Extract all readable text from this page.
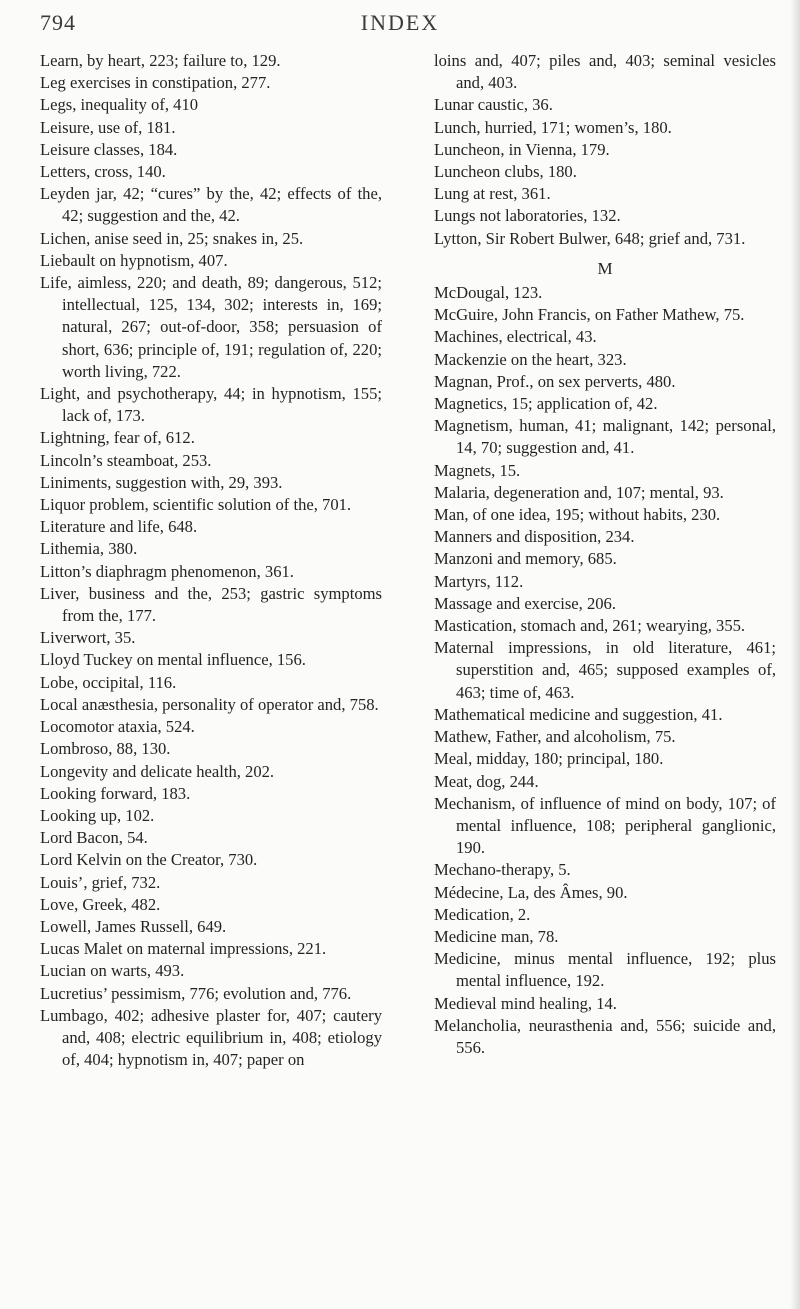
794	INDEX

Learn, by heart, 223; failure to, 129.

Leg exercises in constipation, 277.

Legs, inequality of, 410

Leisure, use of, 181.

Leisure classes, 184.

Letters, cross, 140.

Leyden jar, 42; “cures” by the, 42; effects of the, 42; suggestion and the, 42.

Lichen, anise seed in, 25; snakes in, 25.

Liebault on hypnotism, 407.

Life, aimless, 220; and death, 89; dangerous, 512; intellectual, 125, 134, 302; interests in, 169; natural, 267; out-of-door, 358; persuasion of short, 636; principle of, 191; regulation of, 220; worth living, 722.

Light, and psychotherapy, 44; in hypnotism, 155; lack of, 173.

Lightning, fear of, 612.

Lincoln’s steamboat, 253.

Liniments, suggestion with, 29, 393.

Liquor problem, scientific solution of the, 701.

Literature and life, 648.

Lithemia, 380.

Litton’s diaphragm phenomenon, 361.

Liver, business and the, 253; gastric symptoms from the, 177.

Liverwort, 35.

Lloyd Tuckey on mental influence, 156.

Lobe, occipital, 116.

Local anæsthesia, personality of operator and, 758.

Locomotor ataxia, 524.

Lombroso, 88, 130.

Longevity and delicate health, 202.

Looking forward, 183.

Looking up, 102.

Lord Bacon, 54.

Lord Kelvin on the Creator, 730.

Louis’, grief, 732.

Love, Greek, 482.

Lowell, James Russell, 649.

Lucas Malet on maternal impressions, 221.

Lucian on warts, 493.

Lucretius’ pessimism, 776; evolution and, 776.

Lumbago, 402; adhesive plaster for, 407; cautery and, 408; electric equilibrium in, 408; etiology of, 404; hypnotism in, 407; paper on

loins and, 407; piles and, 403; seminal vesicles and, 403.

Lunar caustic, 36.

Lunch, hurried, 171; women’s, 180.

Luncheon, in Vienna, 179.

Luncheon clubs, 180.

Lung at rest, 361.

Lungs not laboratories, 132.

Lytton, Sir Robert Bulwer, 648; grief and, 731.

M

McDougal, 123.

McGuire, John Francis, on Father Mathew, 75.

Machines, electrical, 43.

Mackenzie on the heart, 323.

Magnan, Prof., on sex perverts, 480.

Magnetics, 15; application of, 42.

Magnetism, human, 41; malignant, 142; personal, 14, 70; suggestion and, 41.

Magnets, 15.

Malaria, degeneration and, 107; mental, 93.

Man, of one idea, 195; without habits, 230.

Manners and disposition, 234.

Manzoni and memory, 685.

Martyrs, 112.

Massage and exercise, 206.

Mastication, stomach and, 261; wearying, 355.

Maternal impressions, in old literature, 461; superstition and, 465; supposed examples of, 463; time of, 463.

Mathematical medicine and suggestion, 41.

Mathew, Father, and alcoholism, 75.

Meal, midday, 180; principal, 180.

Meat, dog, 244.

Mechanism, of influence of mind on body, 107; of mental influence, 108; peripheral ganglionic, 190.

Mechano-therapy, 5.

Médecine, La, des Âmes, 90.

Medication, 2.

Medicine man, 78.

Medicine, minus mental influence, 192; plus mental influence, 192.

Medieval mind healing, 14.

Melancholia, neurasthenia and, 556; suicide and, 556.
